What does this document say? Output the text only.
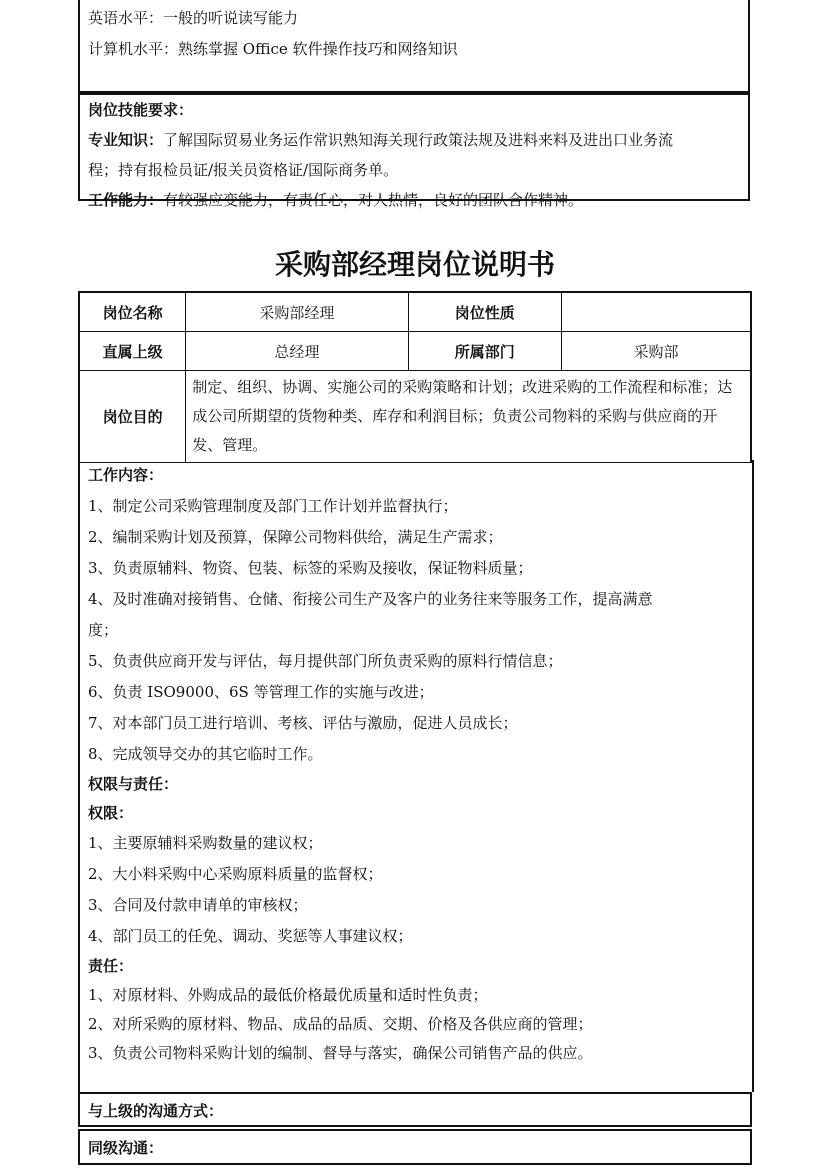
英语水平：一般的听说读写能力
计算机水平：熟练掌握 Office 软件操作技巧和网络知识
岗位技能要求：
专业知识：了解国际贸易业务运作常识熟知海关现行政策法规及进料来料及进出口业务流
程；持有报检员证/报关员资格证/国际商务单。
工作能力：有较强应变能力，有责任心，对人热情，良好的团队合作精神。
采购部经理岗位说明书
岗位名称	采购部经理	岗位性质	
直属上级	总经理	所属部门	采购部
岗位目的	制定、组织、协调、实施公司的采购策略和计划；改进采购的工作流程和标准；达成公司所期望的货物种类、库存和利润目标；负责公司物料的采购与供应商的开发、管理。		
工作内容：
1、制定公司采购管理制度及部门工作计划并监督执行；
2、编制采购计划及预算，保障公司物料供给，满足生产需求；
3、负责原辅料、物资、包装、标签的采购及接收，保证物料质量；
4、及时准确对接销售、仓储、衔接公司生产及客户的业务往来等服务工作，提高满意
度；
5、负责供应商开发与评估，每月提供部门所负责采购的原料行情信息；
6、负责 ISO9000、6S 等管理工作的实施与改进；
7、对本部门员工进行培训、考核、评估与激励，促进人员成长；
8、完成领导交办的其它临时工作。
权限与责任：
权限：
1、主要原辅料采购数量的建议权；
2、大小料采购中心采购原料质量的监督权；
3、合同及付款申请单的审核权；
4、部门员工的任免、调动、奖惩等人事建议权；
责任：
1、对原材料、外购成品的最低价格最优质量和适时性负责；
2、对所采购的原材料、物品、成品的品质、交期、价格及各供应商的管理；
3、负责公司物料采购计划的编制、督导与落实，确保公司销售产品的供应。
与上级的沟通方式：
同级沟通：
